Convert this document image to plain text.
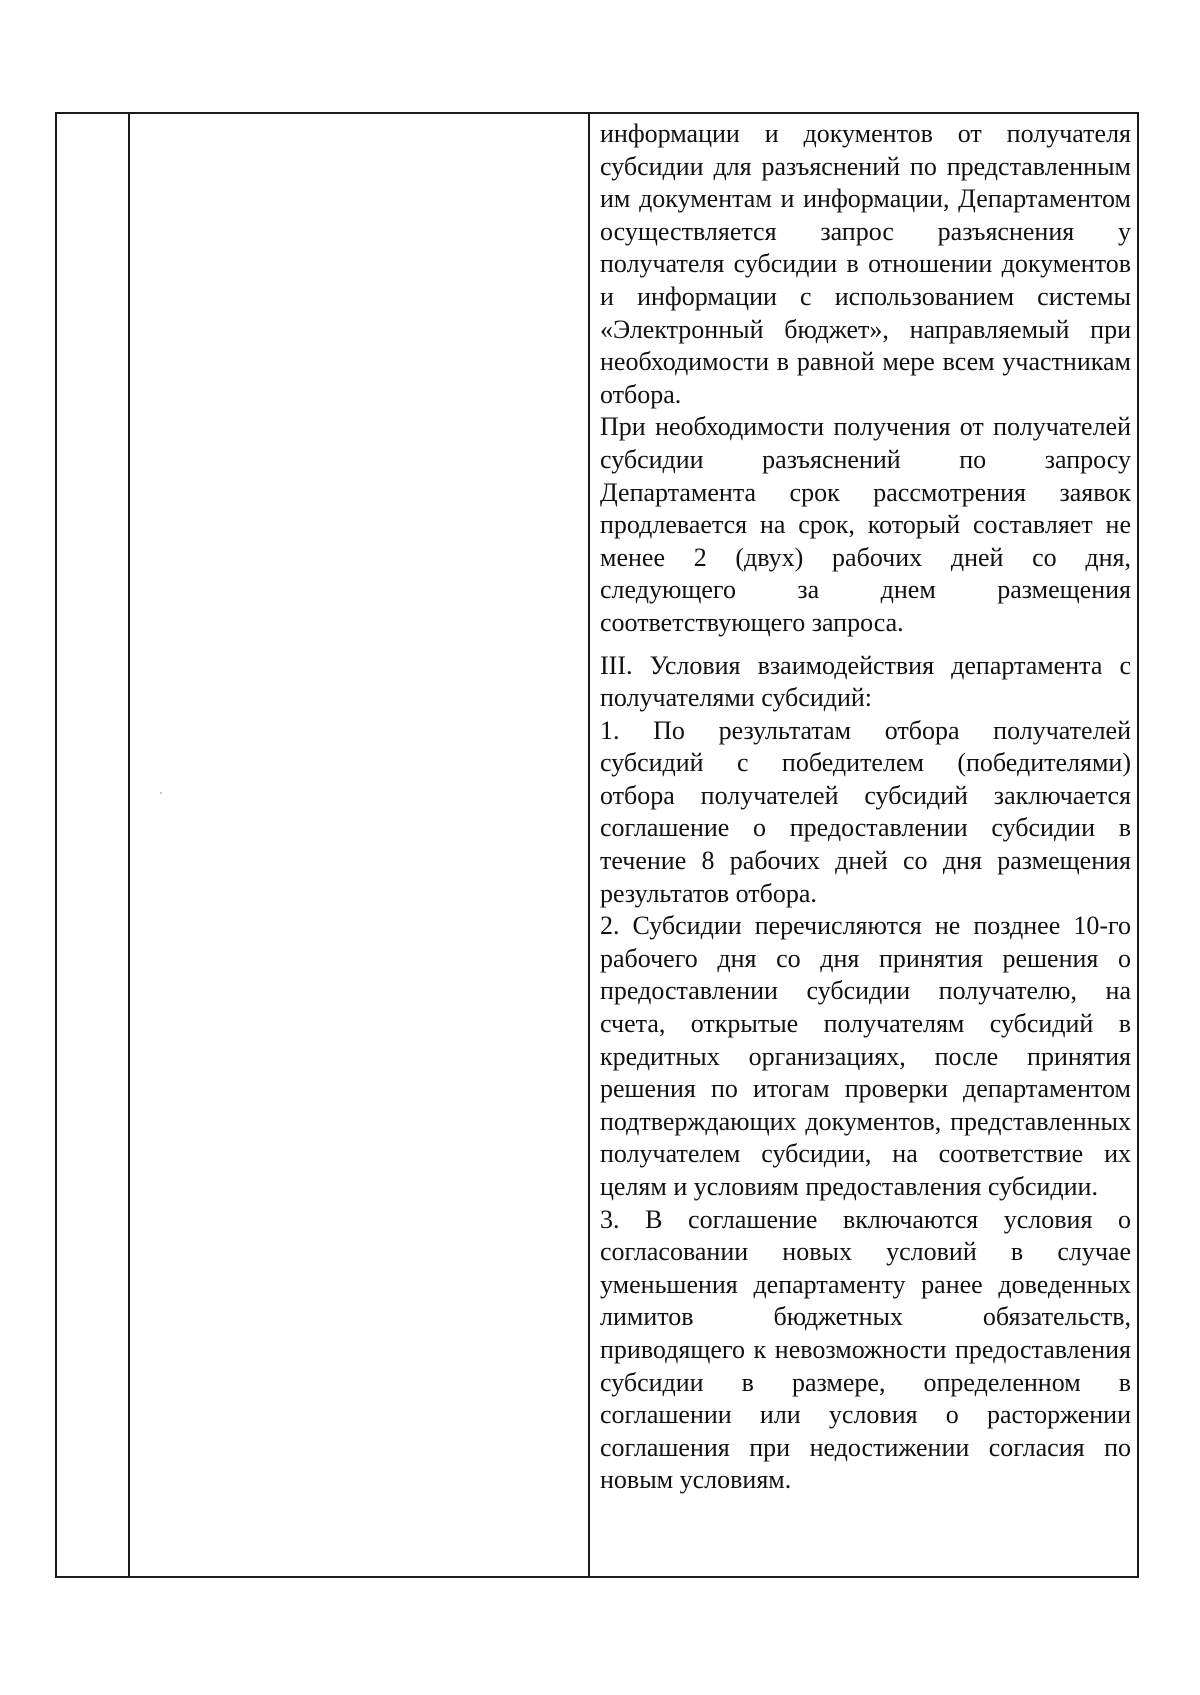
информации и документов от получателя субсидии для разъяснений по представленным им документам и информации, Департаментом осуществляется запрос разъяснения у получателя субсидии в отношении документов и информации с использованием системы «Электронный бюджет», направляемый при необходимости в равной мере всем участникам отбора.

При необходимости получения от получателей субсидии разъяснений по запросу Департамента срок рассмотрения заявок продлевается на срок, который составляет не менее 2 (двух) рабочих дней со дня, следующего за днем размещения соответствующего запроса.

III. Условия взаимодействия департамента с получателями субсидий:

1. По результатам отбора получателей субсидий с победителем (победителями) отбора получателей субсидий заключается соглашение о предоставлении субсидии в течение 8 рабочих дней со дня размещения результатов отбора.

2. Субсидии перечисляются не позднее 10-го рабочего дня со дня принятия решения о предоставлении субсидии получателю, на счета, открытые получателям субсидий в кредитных организациях, после принятия решения по итогам проверки департаментом подтверждающих документов, представленных получателем субсидии, на соответствие их целям и условиям предоставления субсидии.

3. В соглашение включаются условия о согласовании новых условий в случае уменьшения департаменту ранее доведенных лимитов бюджетных обязательств, приводящего к невозможности предоставления субсидии в размере, определенном в соглашении или условия о расторжении соглашения при недостижении согласия по новым условиям.
